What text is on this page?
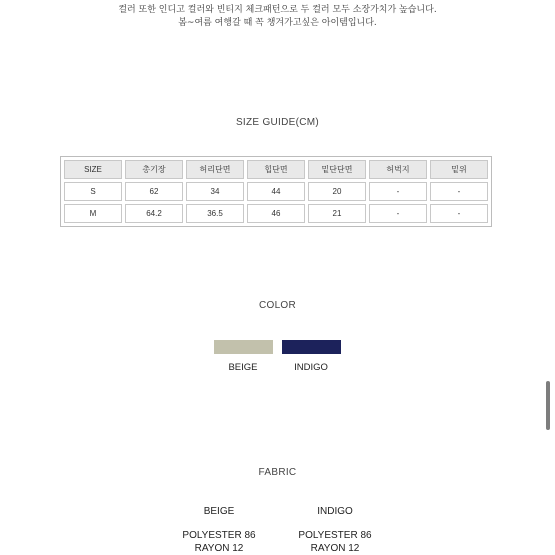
컬러 또한 인디고 컬러와 빈티지 체크패턴으로 두 컬러 모두 소장가치가 높습니다.
봄~여름 여행갈 때 꼭 챙겨가고싶은 아이템입니다.
SIZE GUIDE(CM)
SIZE	총기장	허리단면	힙단면	밑단단면	허벅지	밑위
S	62	34	44	20	-	-
M	64.2	36.5	46	21	-	-
COLOR
BEIGE	INDIGO
FABRIC
BEIGE
POLYESTER 86
RAYON 12
INDIGO
POLYESTER 86
RAYON 12
